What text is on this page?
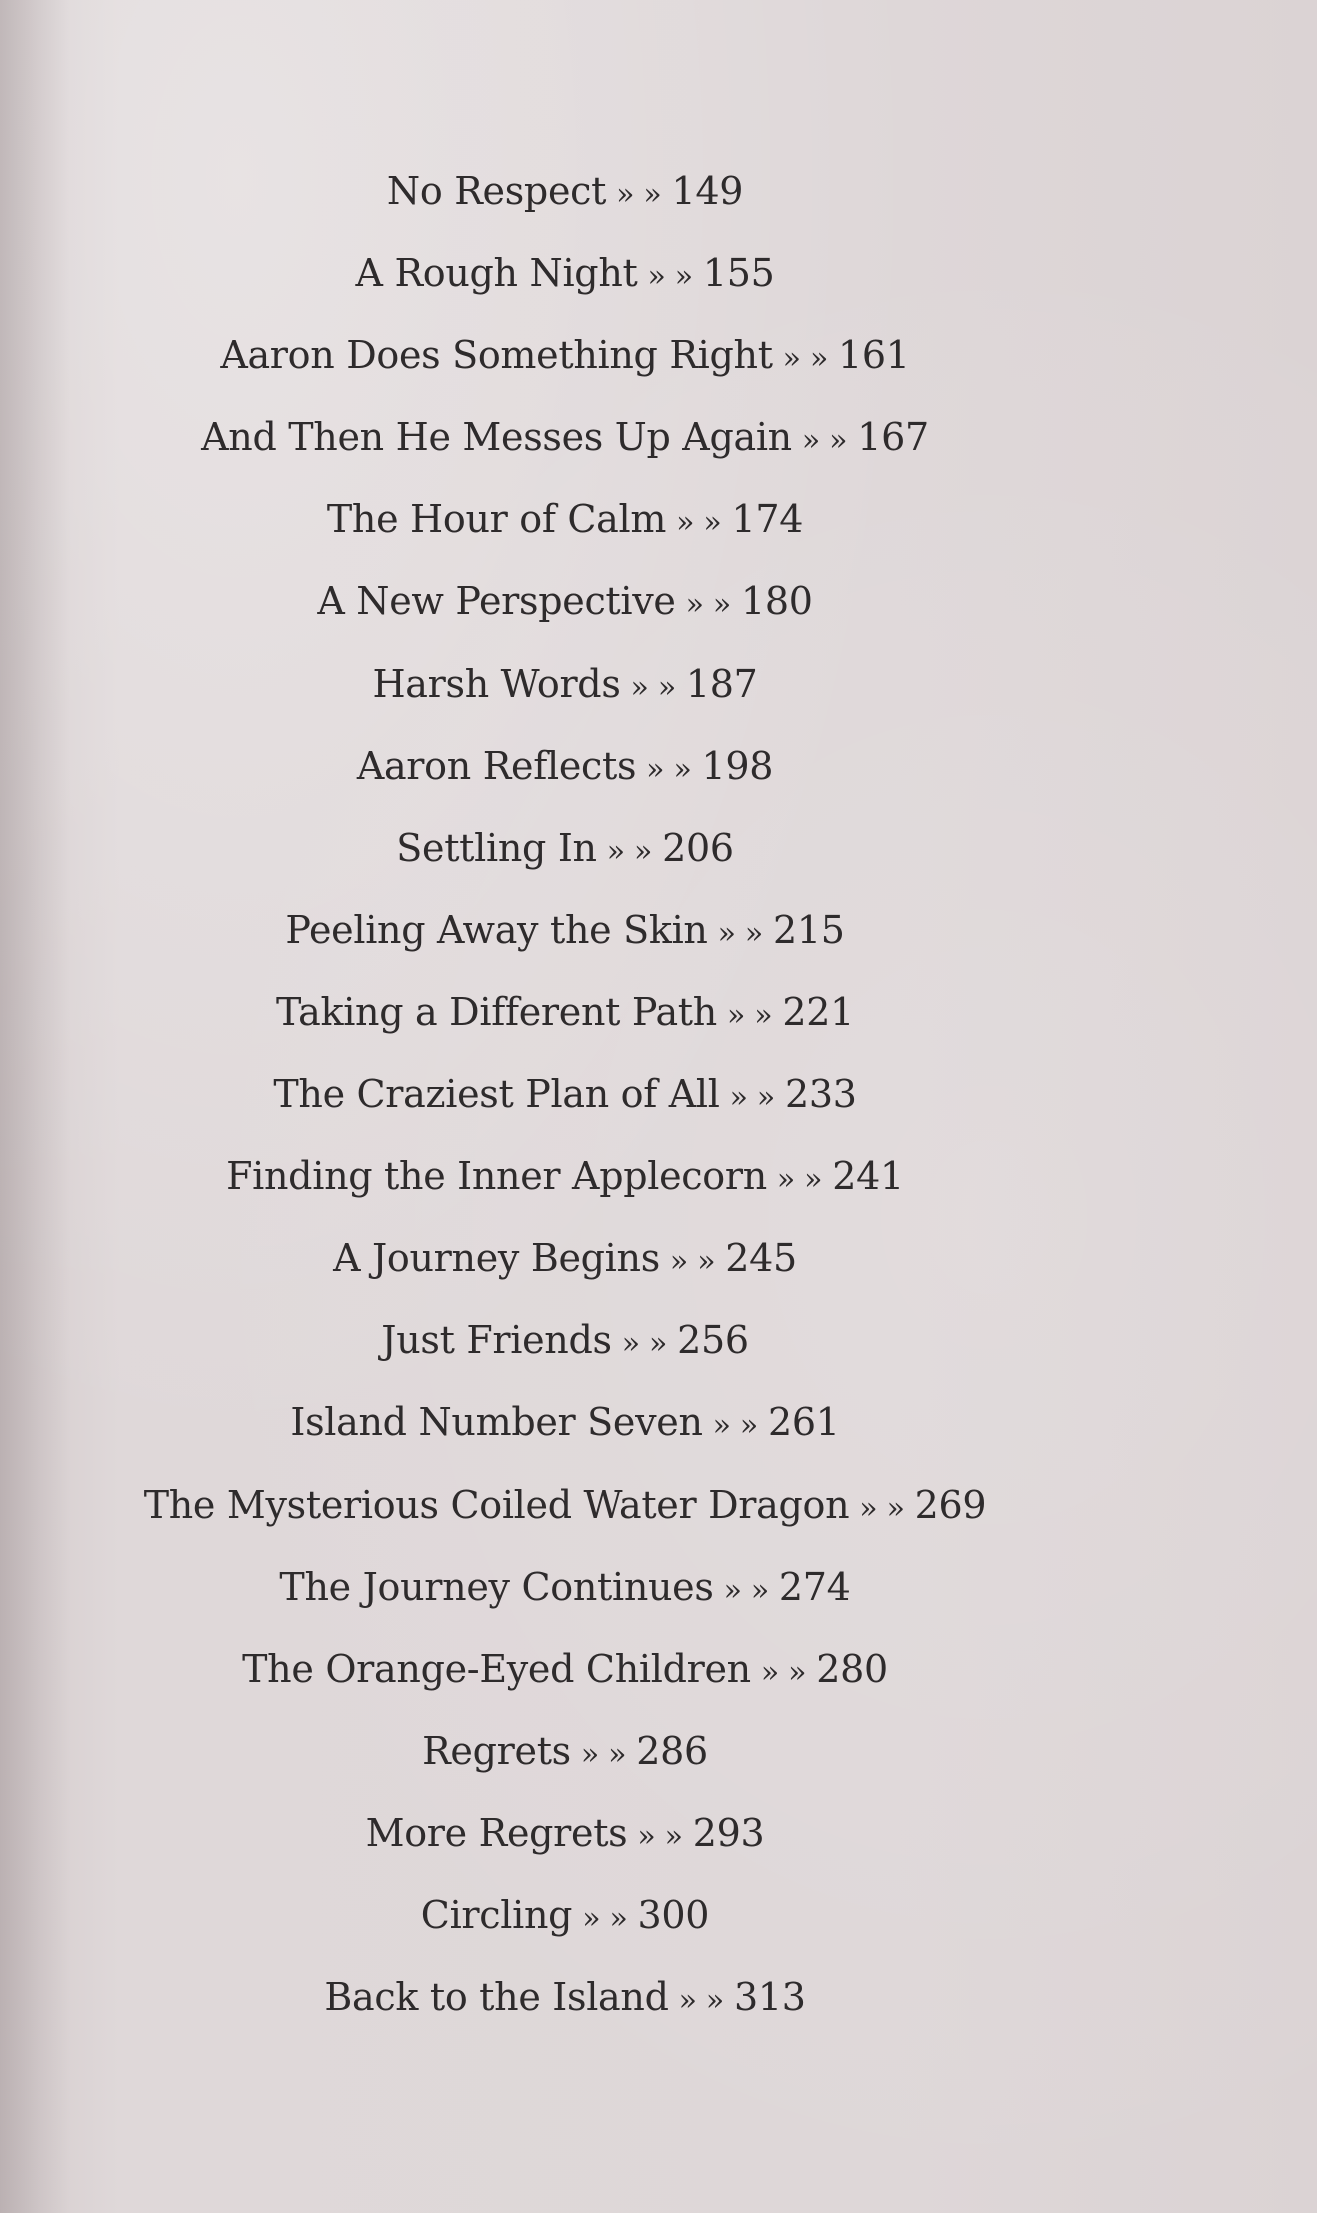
No Respect » » 149
A Rough Night » » 155
Aaron Does Something Right » » 161
And Then He Messes Up Again » » 167
The Hour of Calm » » 174
A New Perspective » » 180
Harsh Words » » 187
Aaron Reflects » » 198
Settling In » » 206
Peeling Away the Skin » » 215
Taking a Different Path » » 221
The Craziest Plan of All » » 233
Finding the Inner Applecorn » » 241
A Journey Begins » » 245
Just Friends » » 256
Island Number Seven » » 261
The Mysterious Coiled Water Dragon » » 269
The Journey Continues » » 274
The Orange-Eyed Children » » 280
Regrets » » 286
More Regrets » » 293
Circling » » 300
Back to the Island » » 313
